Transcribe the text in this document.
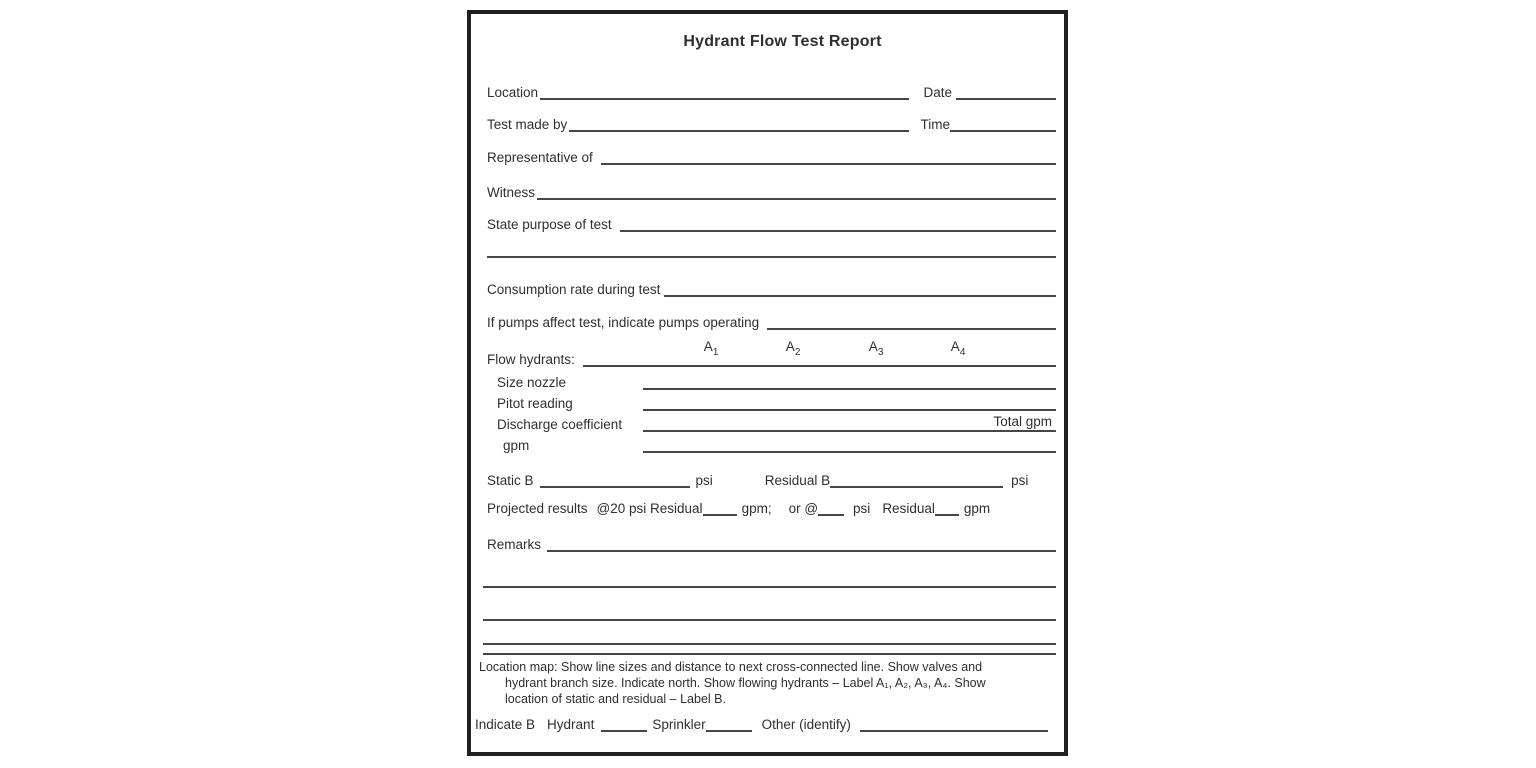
Hydrant Flow Test Report
Location	Date
Test made by	Time
Representative of
Witness
State purpose of test
Consumption rate during test
If pumps affect test, indicate pumps operating
Flow hydrants:
$A_1$	$A_2$	$A_3$	$A_4$
Size nozzle
Pitot reading
Discharge coefficient	Total gpm
gpm
Static B	psi	Residual B	psi
Projected results @20 psi Residual	gpm; or @	psi Residual gpm
Remarks
Location map: Show line sizes and distance to next cross-connected line. Show valves and
hydrant branch size. Indicate north. Show flowing hydrants – Label A₁, A₂, A₃, A₄. Show
location of static and residual – Label B.
Indicate B Hydrant	Sprinkler	Other (identify)
